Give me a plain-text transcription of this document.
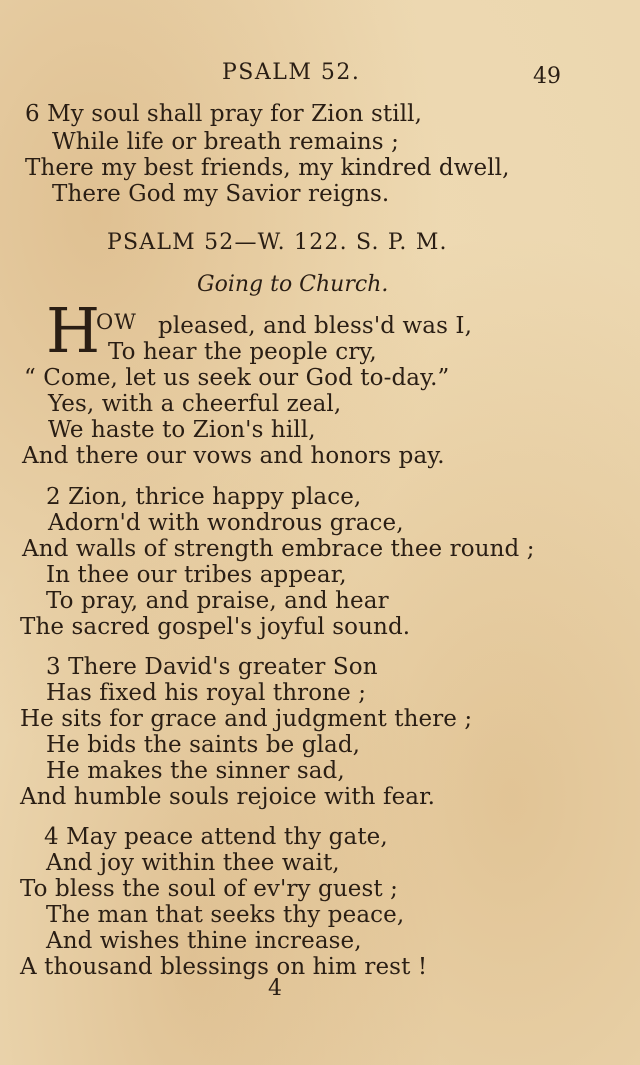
PSALM 52.	49
6 My soul shall pray for Zion still,
While life or breath remains ;
There my best friends, my kindred dwell,
There God my Savior reigns.
PSALM 52—W. 122. S. P. M.
Going to Church.
H
OW pleased, and bless'd was I,
To hear the people cry,
“ Come, let us seek our God to-day.”
Yes, with a cheerful zeal,
We haste to Zion's hill,
And there our vows and honors pay.
2 Zion, thrice happy place,
Adorn'd with wondrous grace,
And walls of strength embrace thee round ;
In thee our tribes appear,
To pray, and praise, and hear
The sacred gospel's joyful sound.
3 There David's greater Son
Has fixed his royal throne ;
He sits for grace and judgment there ;
He bids the saints be glad,
He makes the sinner sad,
And humble souls rejoice with fear.
4 May peace attend thy gate,
And joy within thee wait,
To bless the soul of ev'ry guest ;
The man that seeks thy peace,
And wishes thine increase,
A thousand blessings on him rest !
4
